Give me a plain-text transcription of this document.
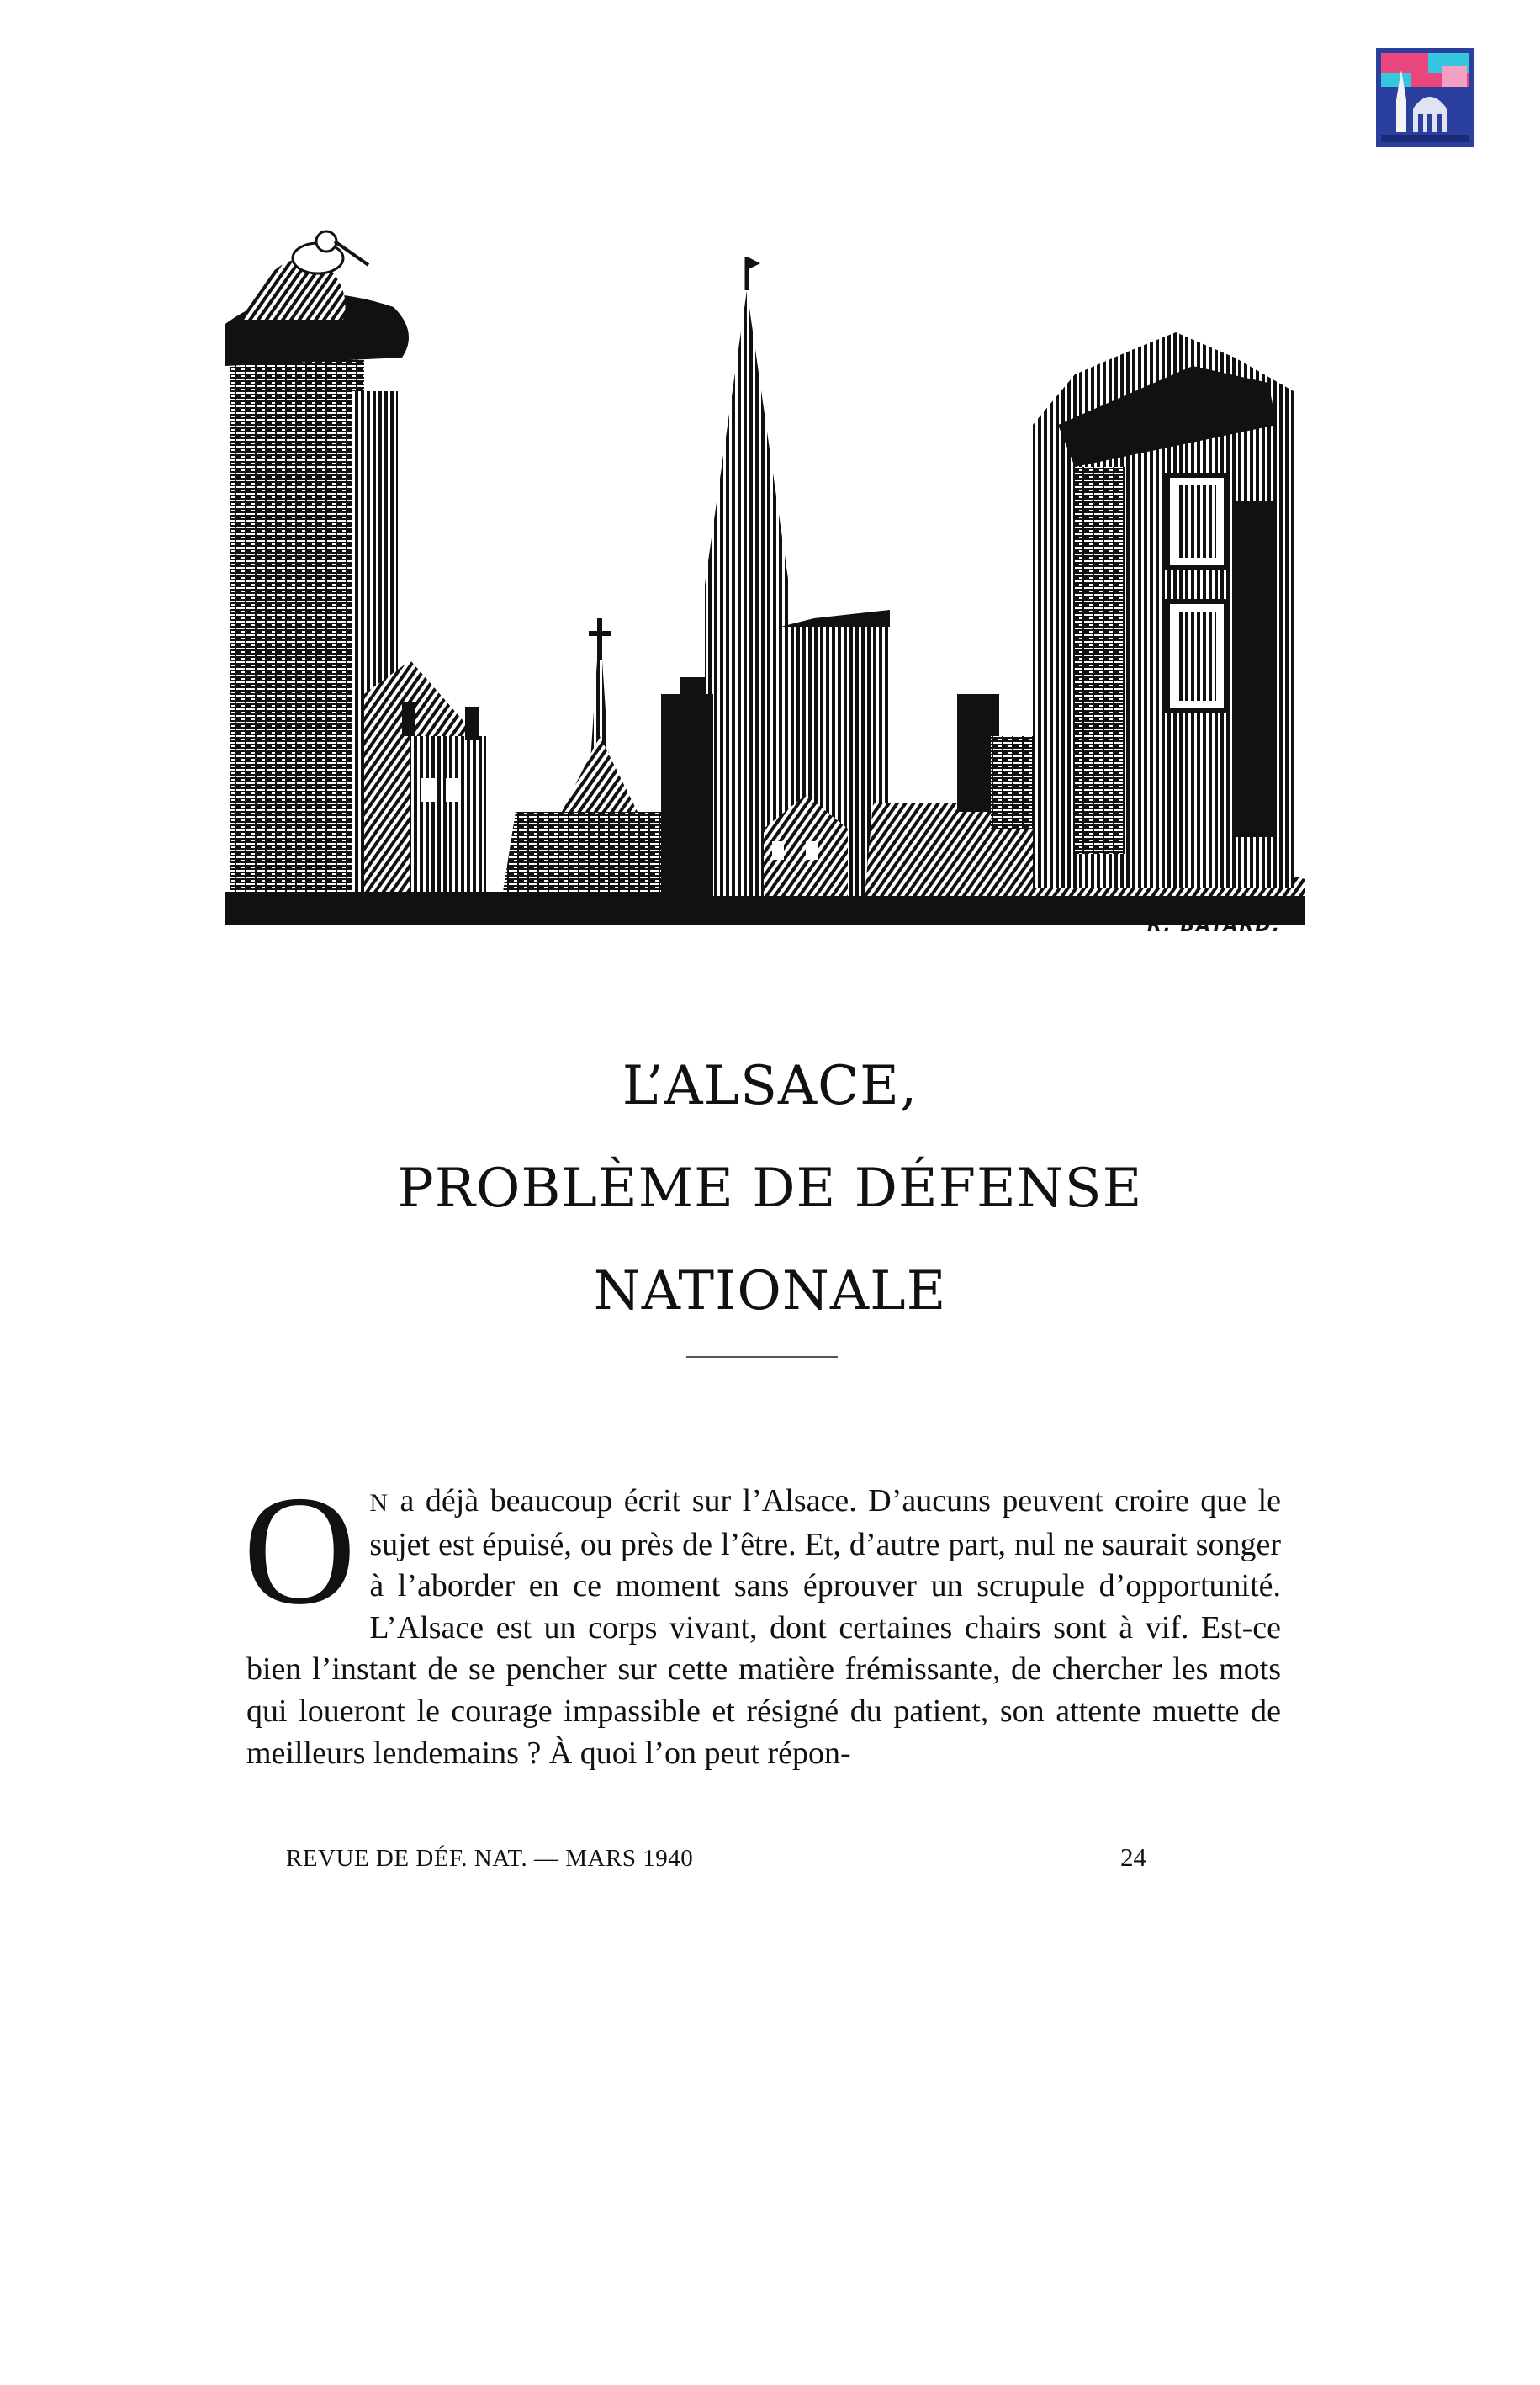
R. BAYARD.
L’ALSACE,
PROBLÈME DE DÉFENSE
NATIONALE
O N a déjà beaucoup écrit sur l’Alsace. D’aucuns peuvent croire que le sujet est épuisé, ou près de l’être. Et, d’autre part, nul ne saurait songer à l’aborder en ce moment sans éprouver un scrupule d’opportunité. L’Alsace est un corps vivant, dont certaines chairs sont à vif. Est-ce bien l’instant de se pencher sur cette matière frémissante, de chercher les mots qui loueront le courage impassible et résigné du patient, son attente muette de meilleurs lendemains ? À quoi l’on peut répon-
REVUE DE DÉF. NAT. — MARS 1940	24
